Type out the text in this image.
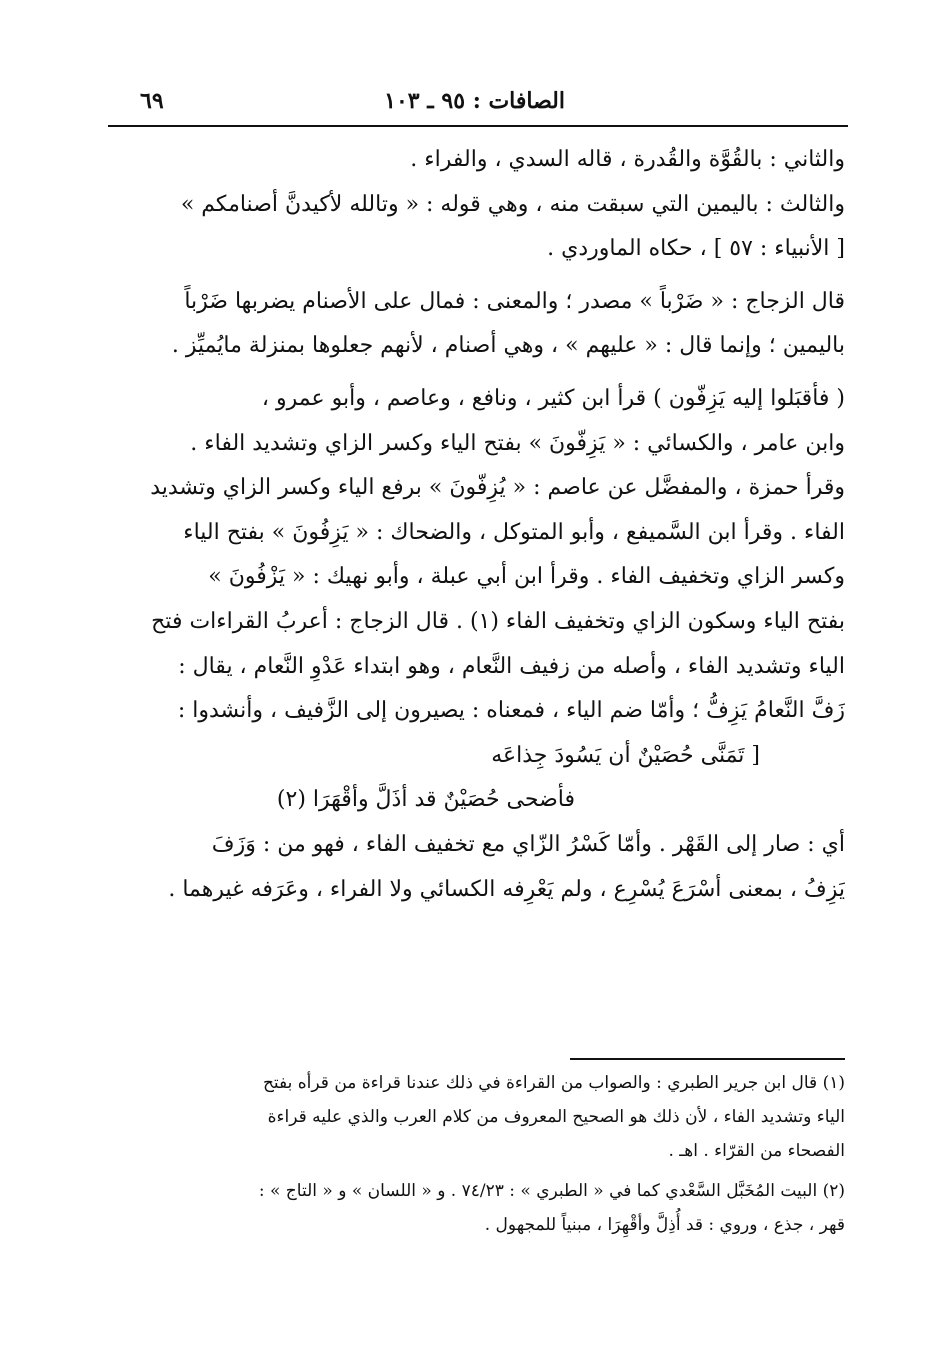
الصافات : ٩٥ ـ ١٠٣
٦٩
والثاني : بالقُوَّة والقُدرة ، قاله السدي ، والفراء .
والثالث : باليمين التي سبقت منه ، وهي قوله : « وتالله لأكيدنَّ أصنامكم »
[ الأنبياء : ٥٧ ] ، حكاه الماوردي .
قال الزجاج : « ضَرْباً » مصدر ؛ والمعنى : فمال على الأصنام يضربها ضَرْباً
باليمين ؛ وإنما قال : « عليهم » ، وهي أصنام ، لأنهم جعلوها بمنزلة مايُميِّز .
( فأقبَلوا إليه يَزِفّون ) قرأ ابن كثير ، ونافع ، وعاصم ، وأبو عمرو ،
وابن عامر ، والكسائي : « يَزِفّونَ » بفتح الياء وكسر الزاي وتشديد الفاء .
وقرأ حمزة ، والمفضَّل عن عاصم : « يُزِفّونَ » برفع الياء وكسر الزاي وتشديد
الفاء . وقرأ ابن السَّميفع ، وأبو المتوكل ، والضحاك : « يَزِفُونَ » بفتح الياء
وكسر الزاي وتخفيف الفاء . وقرأ ابن أبي عبلة ، وأبو نهيك : « يَزْفُونَ »
بفتح الياء وسكون الزاي وتخفيف الفاء (١) . قال الزجاج : أعربُ القراءات فتح
الياء وتشديد الفاء ، وأصله من زفيف النَّعام ، وهو ابتداء عَدْوِ النَّعام ، يقال :
زَفَّ النَّعامُ يَزِفُّ ؛ وأمّا ضم الياء ، فمعناه : يصيرون إلى الزَّفيف ، وأنشدوا :
[ تَمَنَّى حُصَيْنٌ أن يَسُودَ جِذاعَه
فأضحى حُصَيْنٌ قد أذَلَّ وأقْهَرَا (٢)
أي : صار إلى القَهْر . وأمّا كَسْرُ الزّاي مع تخفيف الفاء ، فهو من : وَزَفَ
يَزِفُ ، بمعنى أسْرَعَ يُسْرِع ، ولم يَعْرِفه الكسائي ولا الفراء ، وعَرَفه غيرهما .
(١) قال ابن جرير الطبري : والصواب من القراءة في ذلك عندنا قراءة من قرأه بفتح
الياء وتشديد الفاء ، لأن ذلك هو الصحيح المعروف من كلام العرب والذي عليه قراءة
الفصحاء من القرّاء . اهـ .
(٢) البيت المُخَبَّل السَّعْدي كما في « الطبري » : ٧٤/٢٣ . و « اللسان » و « التاج » :
قهر ، جذع ، وروي : قد أُذِلَّ وأقْهِرَا ، مبنياً للمجهول .
